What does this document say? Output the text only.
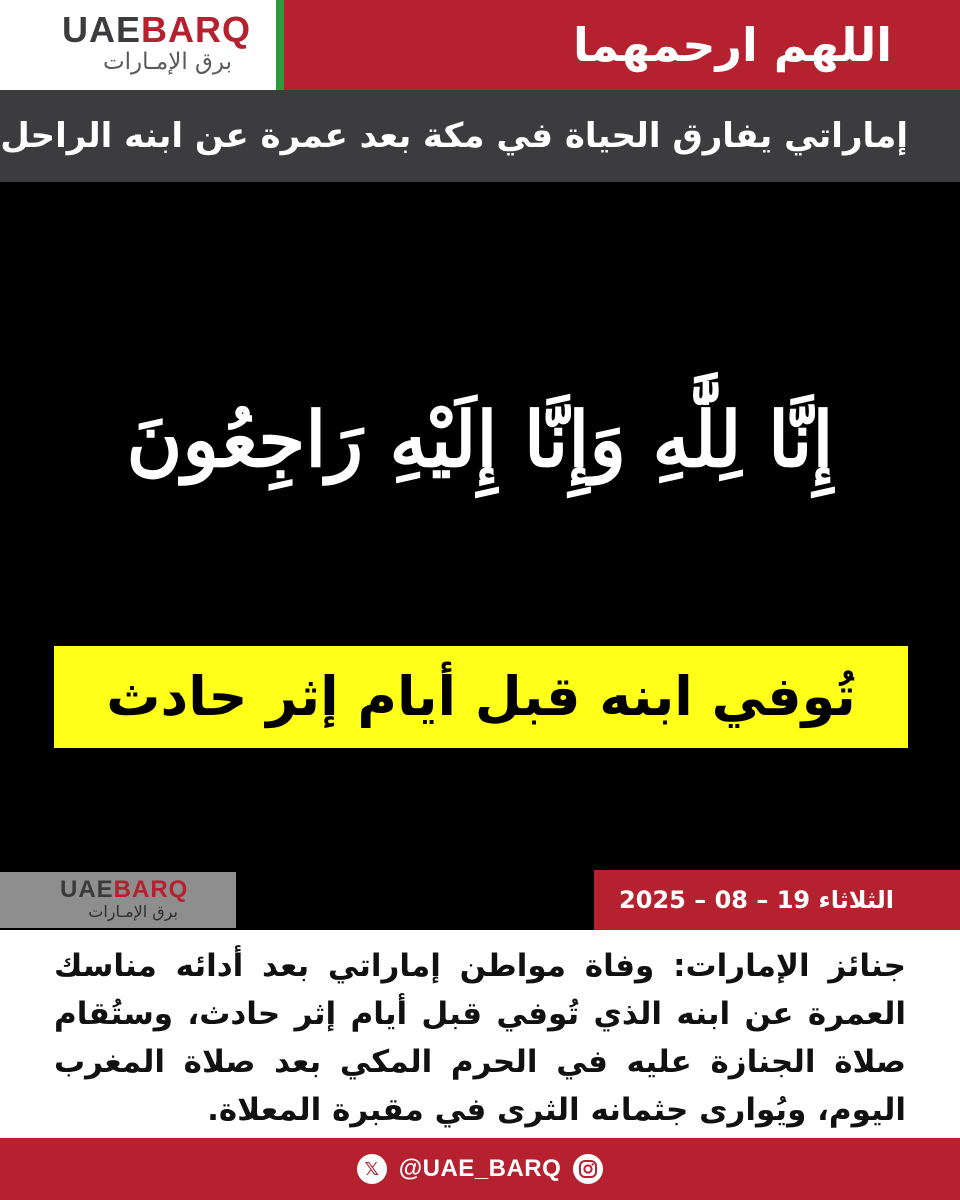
UAEBARQ
برق الإمـارات	اللهم ارحمهما
إماراتي يفارق الحياة في مكة بعد عمرة عن ابنه الراحل
إِنَّا لِلَّٰهِ وَإِنَّا إِلَيْهِ رَاجِعُونَ
تُوفي ابنه قبل أيام إثر حادث
UAEBARQ
برق الإمـارات	الثلاثاء 19 – 08 – 2025
جنائز الإمارات: وفاة مواطن إماراتي بعد أدائه مناسك العمرة عن ابنه الذي تُوفي قبل أيام إثر حادث، وستُقام صلاة الجنازة عليه في الحرم المكي بعد صلاة المغرب اليوم، ويُوارى جثمانه الثرى في مقبرة المعلاة.
𝕏 @UAE_BARQ
